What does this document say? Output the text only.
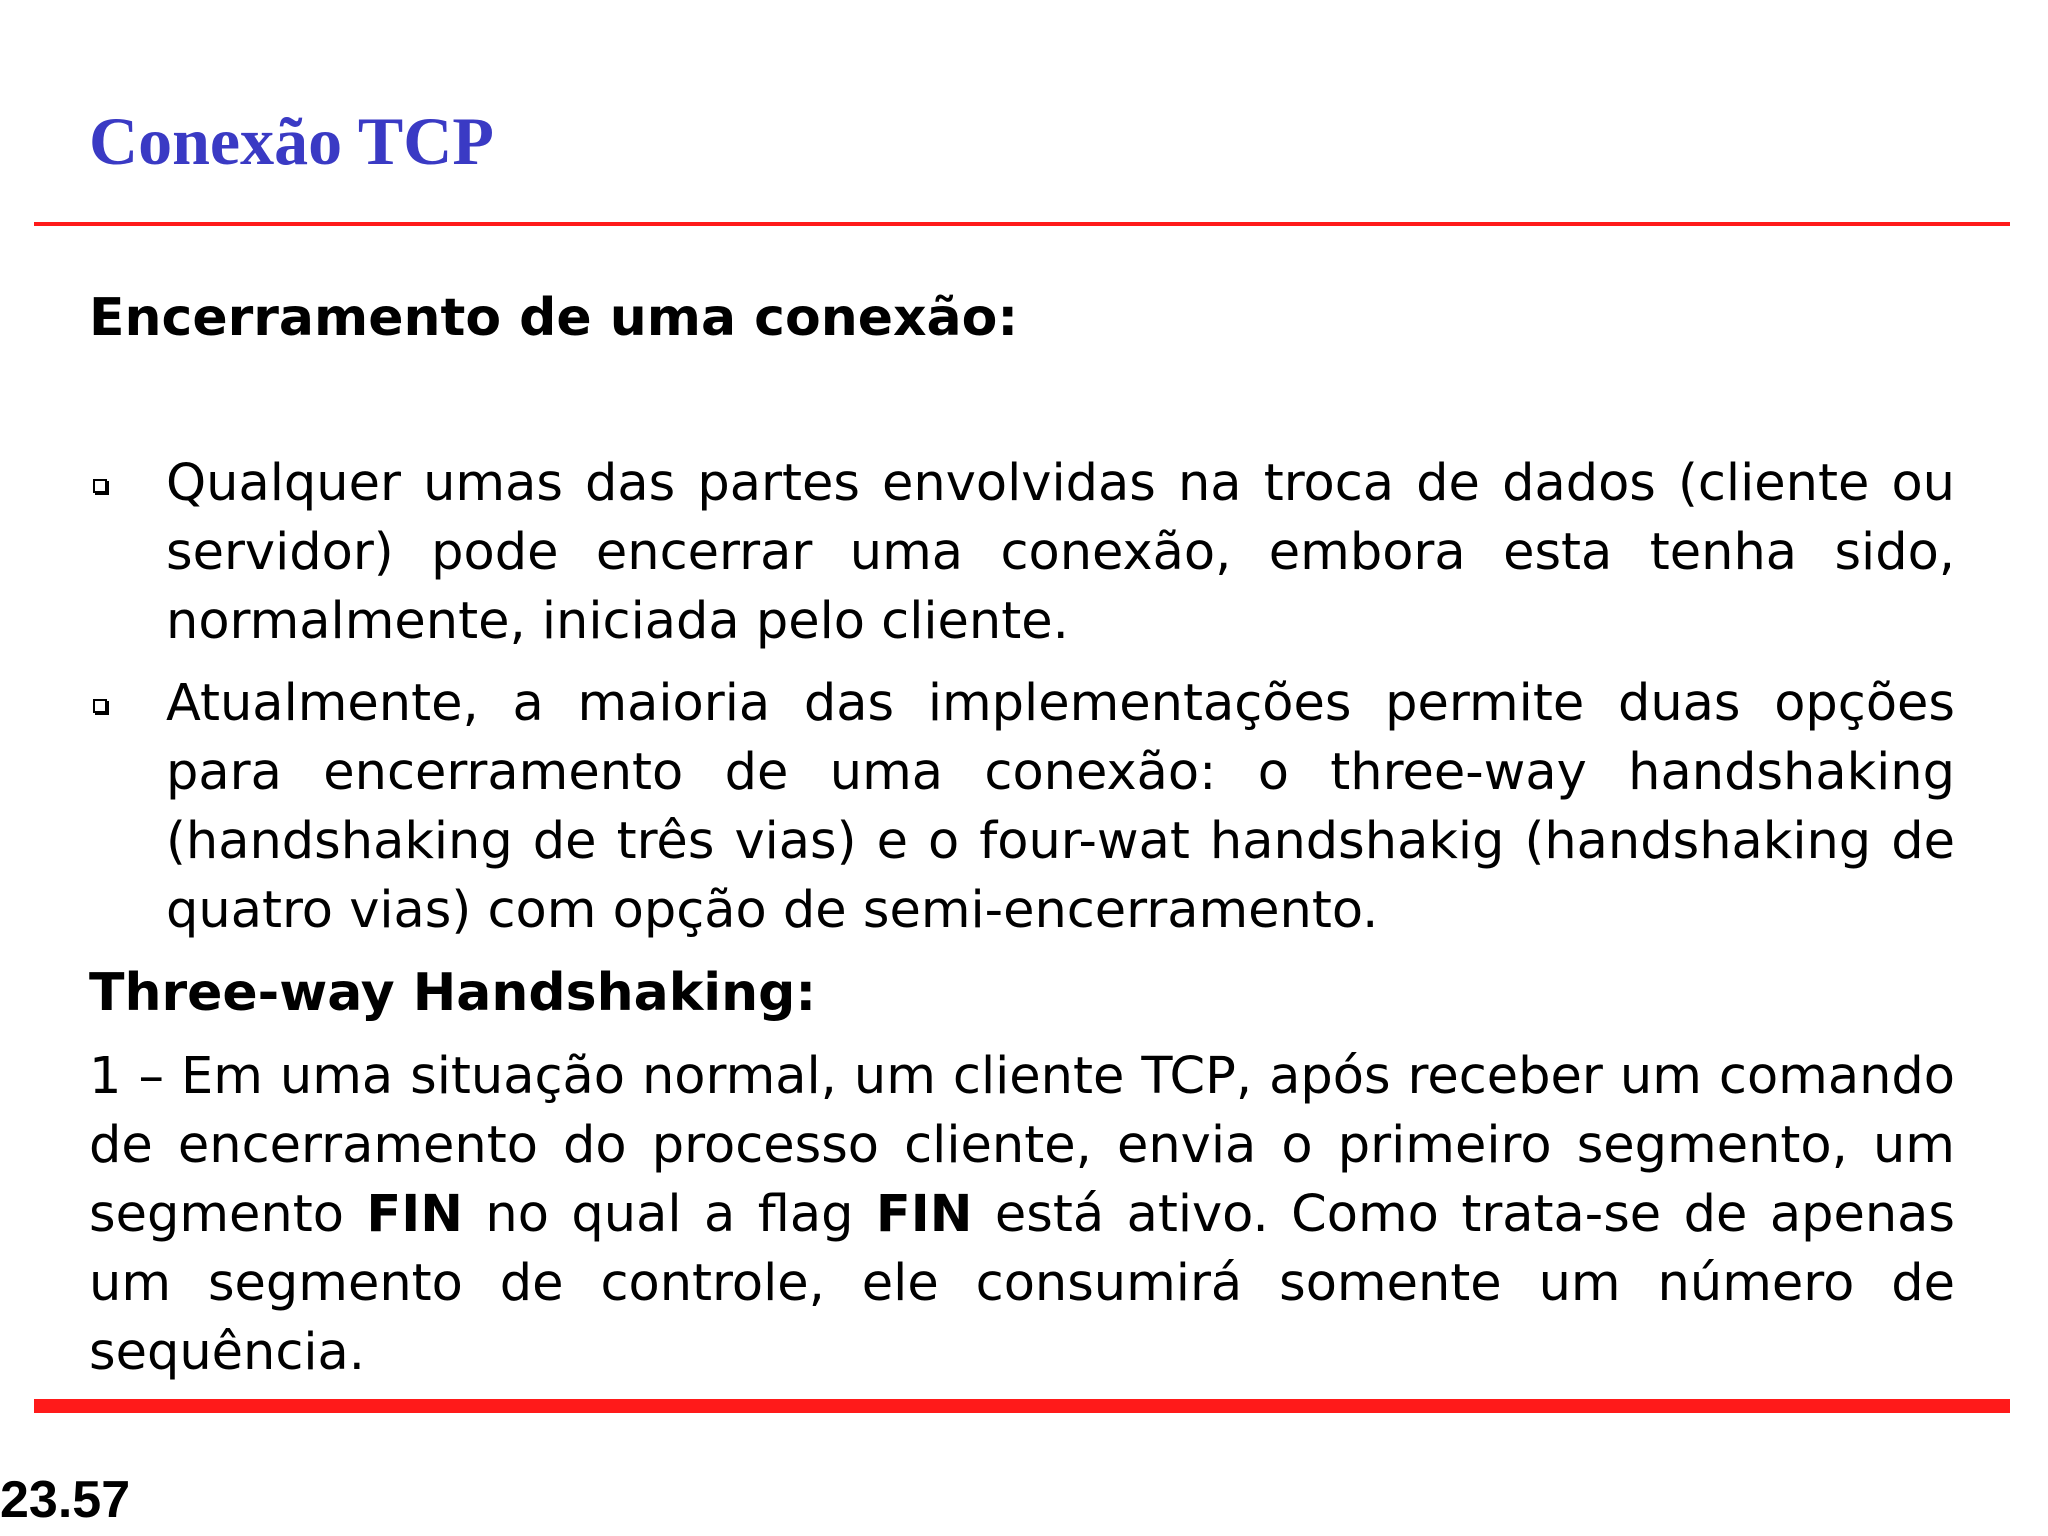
Conexão TCP
Encerramento de uma conexão:

Qualquer umas das partes envolvidas na troca de dados (cliente ou servidor) pode encerrar uma conexão, embora esta tenha sido, normalmente, iniciada pelo cliente.

Atualmente, a maioria das implementações permite duas opções para encerramento de uma conexão: o three-way handshaking (handshaking de três vias) e o four-wat handshakig (handshaking de quatro vias) com opção de semi-encerramento.

Three-way Handshaking:

1 – Em uma situação normal, um cliente TCP, após receber um comando de encerramento do processo cliente, envia o primeiro segmento, um segmento FIN no qual a flag FIN está ativo. Como trata-se de apenas um segmento de controle, ele consumirá somente um número de sequência.

23.57
